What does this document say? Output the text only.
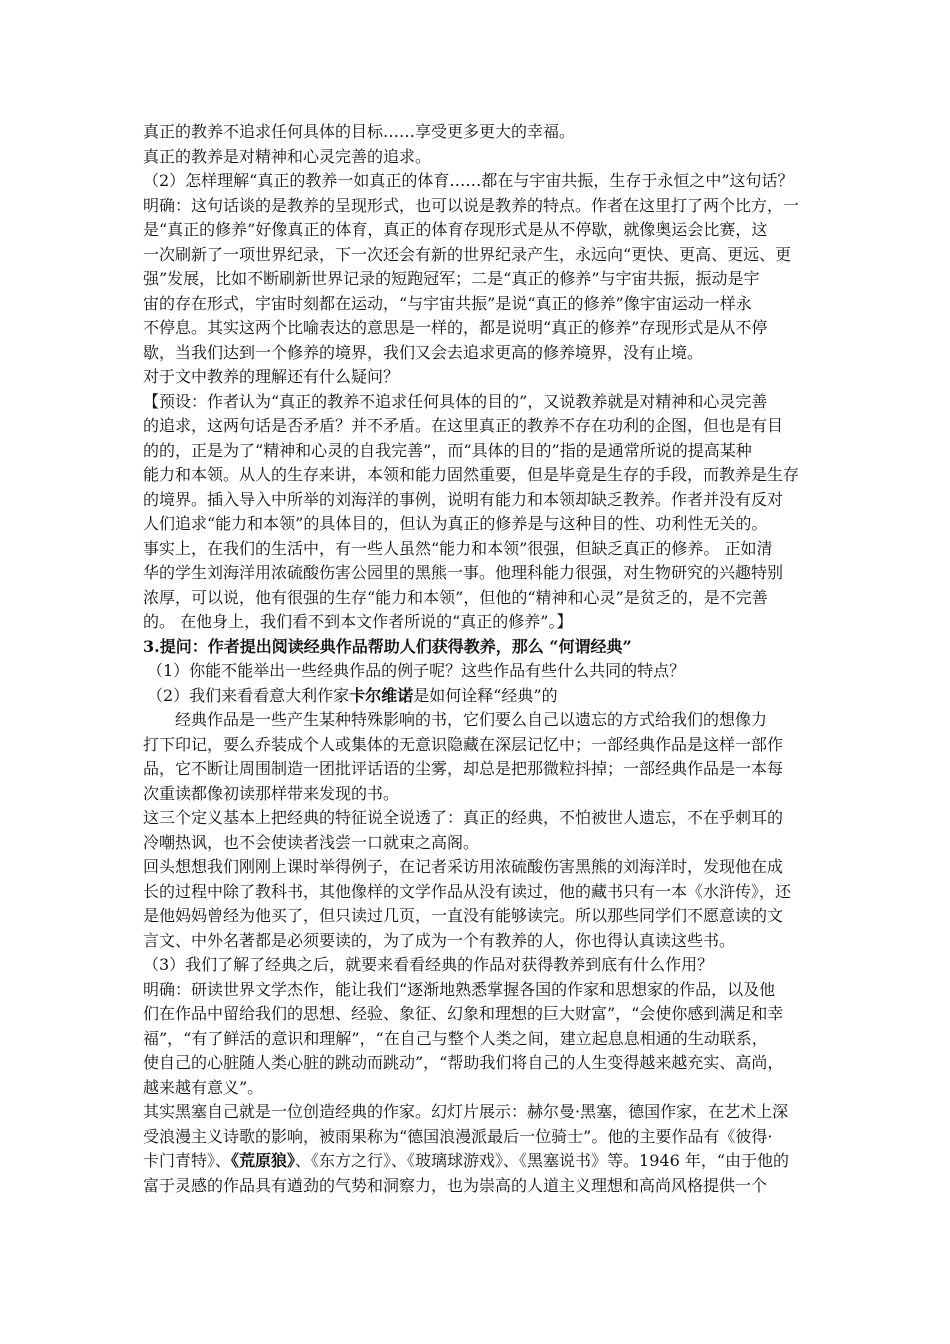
真正的教养不追求任何具体的目标……享受更多更大的幸福。
真正的教养是对精神和心灵完善的追求。
（2）怎样理解“真正的教养一如真正的体育……都在与宇宙共振，生存于永恒之中”这句话？
明确：这句话谈的是教养的呈现形式，也可以说是教养的特点。作者在这里打了两个比方，一
是“真正的修养”好像真正的体育，真正的体育存现形式是从不停歇，就像奥运会比赛，这
一次刷新了一项世界纪录，下一次还会有新的世界纪录产生，永远向“更快、更高、更远、更
强”发展，比如不断刷新世界记录的短跑冠军；二是“真正的修养”与宇宙共振，振动是宇
宙的存在形式，宇宙时刻都在运动，“与宇宙共振”是说“真正的修养”像宇宙运动一样永
不停息。其实这两个比喻表达的意思是一样的，都是说明“真正的修养”存现形式是从不停
歇，当我们达到一个修养的境界，我们又会去追求更高的修养境界，没有止境。
对于文中教养的理解还有什么疑问？
【预设：作者认为“真正的教养不追求任何具体的目的”，又说教养就是对精神和心灵完善
的追求，这两句话是否矛盾？并不矛盾。在这里真正的教养不存在功利的企图，但也是有目
的的，正是为了“精神和心灵的自我完善”，而“具体的目的”指的是通常所说的提高某种
能力和本领。从人的生存来讲，本领和能力固然重要，但是毕竟是生存的手段，而教养是生存
的境界。插入导入中所举的刘海洋的事例，说明有能力和本领却缺乏教养。作者并没有反对
人们追求“能力和本领”的具体目的，但认为真正的修养是与这种目的性、功利性无关的。
事实上，在我们的生活中，有一些人虽然“能力和本领”很强，但缺乏真正的修养。 正如清
华的学生刘海洋用浓硫酸伤害公园里的黑熊一事。他理科能力很强，对生物研究的兴趣特别
浓厚，可以说，他有很强的生存“能力和本领”，但他的“精神和心灵”是贫乏的，是不完善
的。 在他身上，我们看不到本文作者所说的“真正的修养”。】
3.提问：作者提出阅读经典作品帮助人们获得教养，那么 “何谓经典”
（1）你能不能举出一些经典作品的例子呢？这些作品有些什么共同的特点？
（2）我们来看看意大利作家卡尔维诺是如何诠释“经典”的
经典作品是一些产生某种特殊影响的书，它们要么自己以遗忘的方式给我们的想像力
打下印记，要么乔装成个人或集体的无意识隐藏在深层记忆中；一部经典作品是这样一部作
品，它不断让周围制造一团批评话语的尘雾，却总是把那微粒抖掉；一部经典作品是一本每
次重读都像初读那样带来发现的书。
这三个定义基本上把经典的特征说全说透了：真正的经典，不怕被世人遗忘，不在乎刺耳的
冷嘲热讽，也不会使读者浅尝一口就束之高阁。
回头想想我们刚刚上课时举得例子，在记者采访用浓硫酸伤害黑熊的刘海洋时，发现他在成
长的过程中除了教科书，其他像样的文学作品从没有读过，他的藏书只有一本《水浒传》，还
是他妈妈曾经为他买了，但只读过几页，一直没有能够读完。所以那些同学们不愿意读的文
言文、中外名著都是必须要读的，为了成为一个有教养的人，你也得认真读这些书。
（3）我们了解了经典之后，就要来看看经典的作品对获得教养到底有什么作用？
明确：研读世界文学杰作，能让我们“逐渐地熟悉掌握各国的作家和思想家的作品，以及他
们在作品中留给我们的思想、经验、象征、幻象和理想的巨大财富”，“会使你感到满足和幸
福”，“有了鲜活的意识和理解”，“在自己与整个人类之间，建立起息息相通的生动联系，
使自己的心脏随人类心脏的跳动而跳动”，“帮助我们将自己的人生变得越来越充实、高尚，
越来越有意义”。
其实黑塞自己就是一位创造经典的作家。幻灯片展示：赫尔曼·黑塞，德国作家，在艺术上深
受浪漫主义诗歌的影响，被雨果称为“德国浪漫派最后一位骑士”。他的主要作品有《彼得·
卡门青特》、《荒原狼》、《东方之行》、《玻璃球游戏》、《黑塞说书》等。1946 年，“由于他的
富于灵感的作品具有遒劲的气势和洞察力，也为崇高的人道主义理想和高尚风格提供一个
